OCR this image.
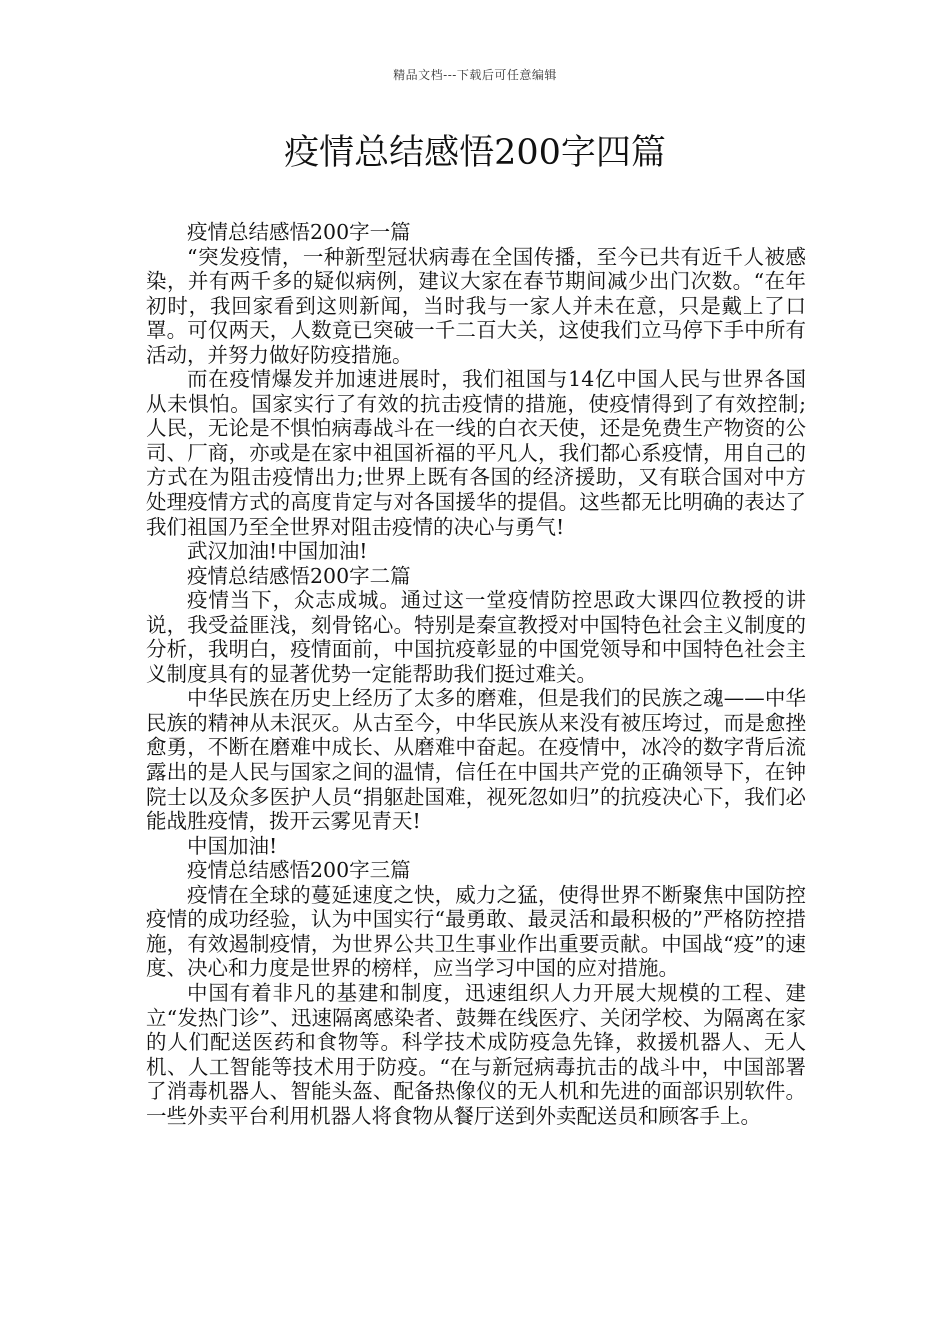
精品文档---下载后可任意编辑
疫情总结感悟200字四篇

疫情总结感悟200字一篇

“突发疫情，一种新型冠状病毒在全国传播，至今已共有近千人被感染，并有两千多的疑似病例，建议大家在春节期间减少出门次数。“在年初时，我回家看到这则新闻，当时我与一家人并未在意，只是戴上了口罩。可仅两天，人数竟已突破一千二百大关，这使我们立马停下手中所有活动，并努力做好防疫措施。

而在疫情爆发并加速进展时，我们祖国与14亿中国人民与世界各国从未惧怕。国家实行了有效的抗击疫情的措施，使疫情得到了有效控制;人民，无论是不惧怕病毒战斗在一线的白衣天使，还是免费生产物资的公司、厂商，亦或是在家中祖国祈福的平凡人，我们都心系疫情，用自己的方式在为阻击疫情出力;世界上既有各国的经济援助，又有联合国对中方处理疫情方式的高度肯定与对各国援华的提倡。这些都无比明确的表达了我们祖国乃至全世界对阻击疫情的决心与勇气!

武汉加油!中国加油!

疫情总结感悟200字二篇

疫情当下，众志成城。通过这一堂疫情防控思政大课四位教授的讲说，我受益匪浅，刻骨铭心。特别是秦宣教授对中国特色社会主义制度的分析，我明白，疫情面前，中国抗疫彰显的中国党领导和中国特色社会主义制度具有的显著优势一定能帮助我们挺过难关。

中华民族在历史上经历了太多的磨难，但是我们的民族之魂——中华民族的精神从未泯灭。从古至今，中华民族从来没有被压垮过，而是愈挫愈勇，不断在磨难中成长、从磨难中奋起。在疫情中，冰冷的数字背后流露出的是人民与国家之间的温情，信任在中国共产党的正确领导下，在钟院士以及众多医护人员“捐躯赴国难，视死忽如归”的抗疫决心下，我们必能战胜疫情，拨开云雾见青天!

中国加油!

疫情总结感悟200字三篇

疫情在全球的蔓延速度之快，威力之猛，使得世界不断聚焦中国防控疫情的成功经验，认为中国实行“最勇敢、最灵活和最积极的”严格防控措施，有效遏制疫情，为世界公共卫生事业作出重要贡献。中国战“疫”的速度、决心和力度是世界的榜样，应当学习中国的应对措施。

中国有着非凡的基建和制度，迅速组织人力开展大规模的工程、建立“发热门诊”、迅速隔离感染者、鼓舞在线医疗、关闭学校、为隔离在家的人们配送医药和食物等。科学技术成防疫急先锋，救援机器人、无人机、人工智能等技术用于防疫。“在与新冠病毒抗击的战斗中，中国部署了消毒机器人、智能头盔、配备热像仪的无人机和先进的面部识别软件。一些外卖平台利用机器人将食物从餐厅送到外卖配送员和顾客手上。
